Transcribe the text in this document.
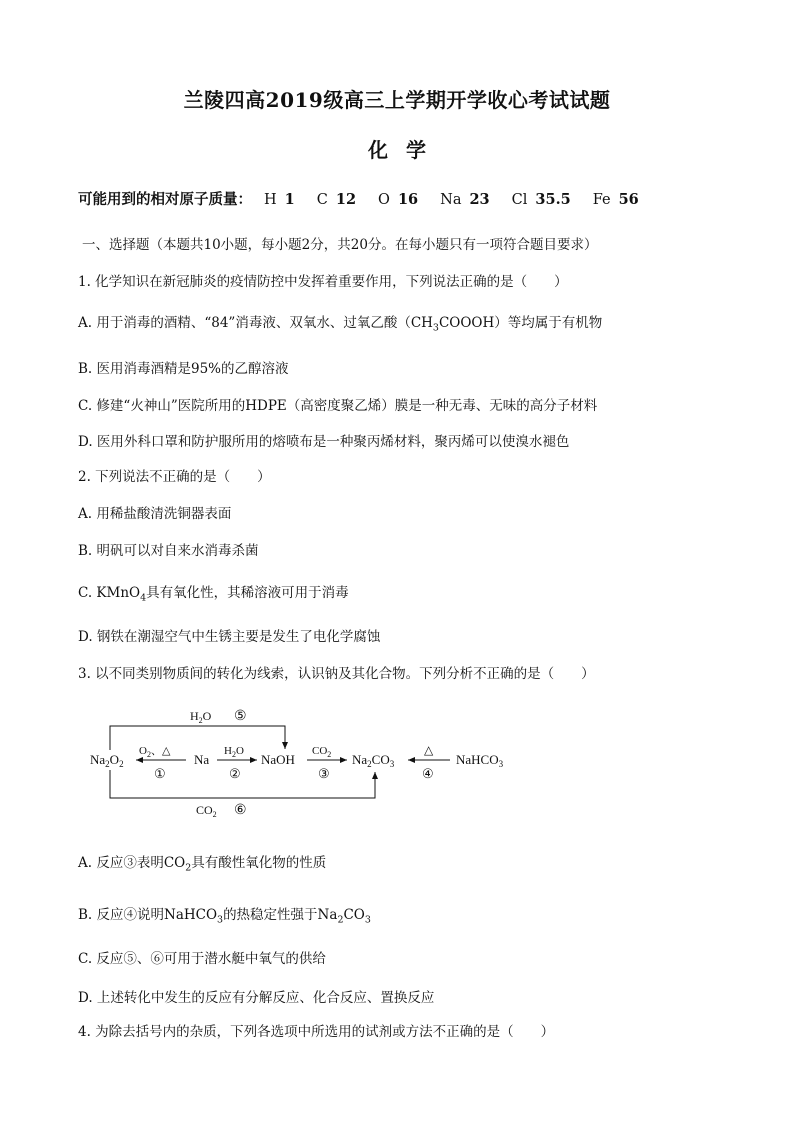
兰陵四高2019级高三上学期开学收心考试试题
化学
可能用到的相对原子质量： H 1 C 12 O 16 Na 23 Cl 35.5 Fe 56
一、选择题（本题共10小题，每小题2分，共20分。在每小题只有一项符合题目要求）
1. 化学知识在新冠肺炎的疫情防控中发挥着重要作用，下列说法正确的是（　　）
A. 用于消毒的酒精、“84”消毒液、双氧水、过氧乙酸$(CH_3COOOH)$等均属于有机物
B. 医用消毒酒精是95%的乙醇溶液
C. 修建“火神山”医院所用的HDPE（高密度聚乙烯）膜是一种无毒、无味的高分子材料
D. 医用外科口罩和防护服所用的熔喷布是一种聚丙烯材料，聚丙烯可以使溴水褪色
2. 下列说法不正确的是（　　）
A. 用稀盐酸清洗铜器表面
B. 明矾可以对自来水消毒杀菌
C. KMnO$_4$具有氧化性，其稀溶液可用于消毒
D. 钢铁在潮湿空气中生锈主要是发生了电化学腐蚀
3. 以不同类别物质间的转化为线索，认识钠及其化合物。下列分析不正确的是（　　）
$H_2O$ ⑤
$CO_2$ ⑥
$Na_2O_2$
$O_2$、△
①
Na
$H_2O$
②
NaOH
$CO_2$
③
$Na_2CO_3$
△
④
NaHCO$_3$
A. 反应③表明$CO_2$具有酸性氧化物的性质
B. 反应④说明NaHCO$_3$的热稳定性强于$Na_2CO_3$
C. 反应⑤、⑥可用于潜水艇中氧气的供给
D. 上述转化中发生的反应有分解反应、化合反应、置换反应
4. 为除去括号内的杂质，下列各选项中所选用的试剂或方法不正确的是（　　）
